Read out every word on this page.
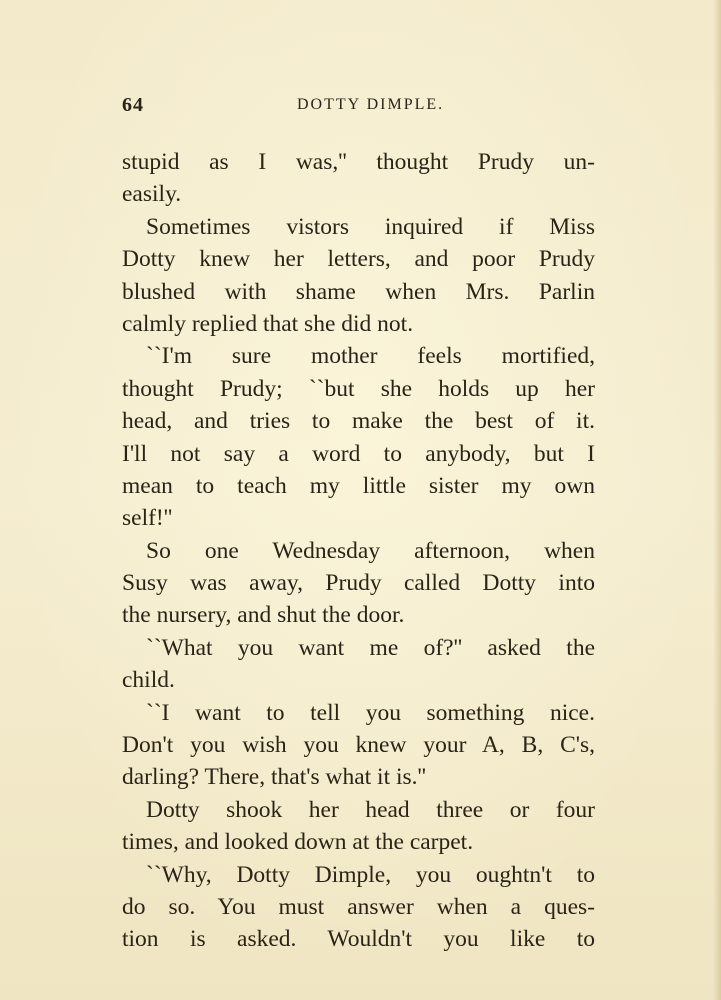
64	DOTTY DIMPLE.
stupid as I was,'' thought Prudy un-
easily.
Sometimes vistors inquired if Miss
Dotty knew her letters, and poor Prudy
blushed with shame when Mrs. Parlin
calmly replied that she did not.
``I'm sure mother feels mortified,
thought Prudy; ``but she holds up her
head, and tries to make the best of it.
I'll not say a word to anybody, but I
mean to teach my little sister my own
self!''
So one Wednesday afternoon, when
Susy was away, Prudy called Dotty into
the nursery, and shut the door.
``What you want me of?'' asked the
child.
``I want to tell you something nice.
Don't you wish you knew your A, B, C's,
darling? There, that's what it is.''
Dotty shook her head three or four
times, and looked down at the carpet.
``Why, Dotty Dimple, you oughtn't to
do so. You must answer when a ques-
tion is asked. Wouldn't you like to
